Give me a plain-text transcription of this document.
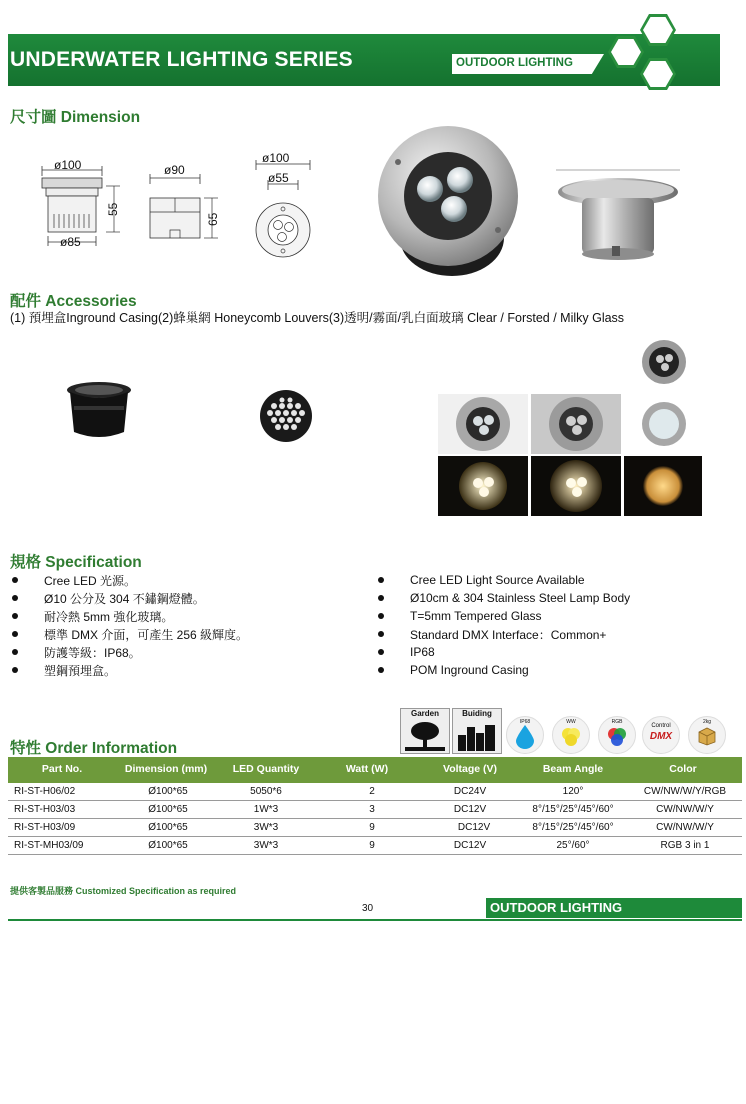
UNDERWATER LIGHTING SERIES	OUTDOOR LIGHTING
尺寸圖 Dimension
ø100
55
ø85
ø90
65
ø100
ø55
配件 Accessories
(1) 預埋盒Inground Casing(2)蜂巢網 Honeycomb Louvers(3)透明/霧面/乳白面玻璃 Clear / Forsted / Milky Glass
規格 Specification
Cree LED 光源。
Ø10 公分及 304 不鏽鋼燈體。
耐冷熱 5mm 強化玻璃。
標準 DMX 介面，可產生 256 級輝度。
防護等級：IP68。
塑鋼預埋盒。
Cree LED Light Source Available
Ø10cm & 304 Stainless Steel Lamp Body
T=5mm Tempered Glass
Standard DMX Interface：Common+
IP68
POM Inground Casing
特性 Order Information
Garden	Buiding
IP68	WW	RGB
Control
DMX
2kg
Part No.	Dimension (mm)	LED Quantity	Watt (W)	Voltage (V)	Beam Angle	Color
RI-ST-H06/02	Ø100*65	5050*6	2	DC24V	120°	CW/NW/W/Y/RGB
RI-ST-H03/03	Ø100*65	1W*3	3	DC12V	8°/15°/25°/45°/60°	CW/NW/W/Y
RI-ST-H03/09	Ø100*65	3W*3	9	DC12V	8°/15°/25°/45°/60°	CW/NW/W/Y
RI-ST-MH03/09	Ø100*65	3W*3	9	DC12V	25°/60°	RGB 3 in 1
提供客製品服務 Customized Specification as required
30	OUTDOOR LIGHTING
